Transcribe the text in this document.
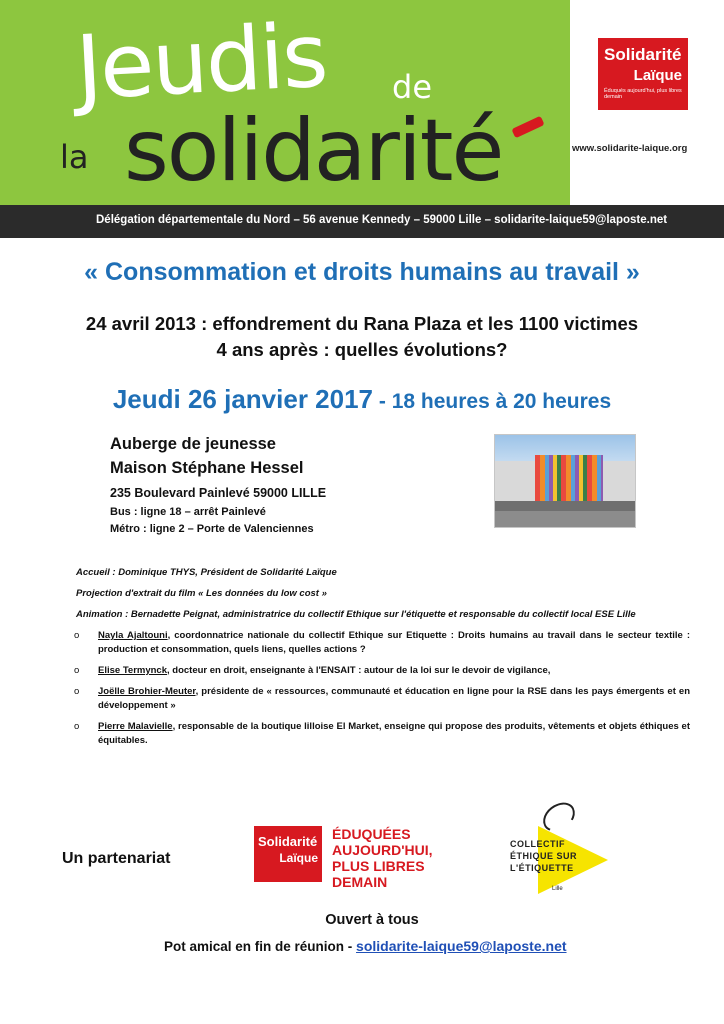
Jeudis de
la solidarité
Solidarité
Laïque
Éduqués aujourd'hui, plus libres demain
www.solidarite-laique.org
Délégation départementale du Nord – 56 avenue Kennedy – 59000 Lille – solidarite-laique59@laposte.net
« Consommation et droits humains au travail »
24 avril 2013 : effondrement du Rana Plaza et les 1100 victimes
4 ans après : quelles évolutions?
Jeudi 26 janvier 2017 - 18 heures à 20 heures
Auberge de jeunesse
Maison Stéphane Hessel
235 Boulevard Painlevé 59000 LILLE
Bus : ligne 18 – arrêt Painlevé
Métro : ligne 2 – Porte de Valenciennes

Accueil : Dominique THYS, Président de Solidarité Laïque

Projection d'extrait du film « Les données du low cost »

Animation : Bernadette Peignat, administratrice du collectif Ethique sur l'étiquette et responsable du collectif local ESE Lille

o Nayla Ajaltouni, coordonnatrice nationale du collectif Ethique sur Etiquette : Droits humains au travail dans le secteur textile : production et consommation, quels liens, quelles actions ?
o Elise Termynck, docteur en droit, enseignante à l'ENSAIT : autour de la loi sur le devoir de vigilance,
o Joëlle Brohier-Meuter, présidente de « ressources, communauté et éducation en ligne pour la RSE dans les pays émergents et en développement »
o Pierre Malavielle, responsable de la boutique lilloise El Market, enseigne qui propose des produits, vêtements et objets éthiques et équitables.
Un partenariat
Solidarité
Laïque
ÉDUQUÉES
AUJOURD'HUI,
PLUS LIBRES
DEMAIN
COLLECTIF
ÉTHIQUE SUR
L'ÉTIQUETTE
Lille
Ouvert à tous
Pot amical en fin de réunion - solidarite-laique59@laposte.net
